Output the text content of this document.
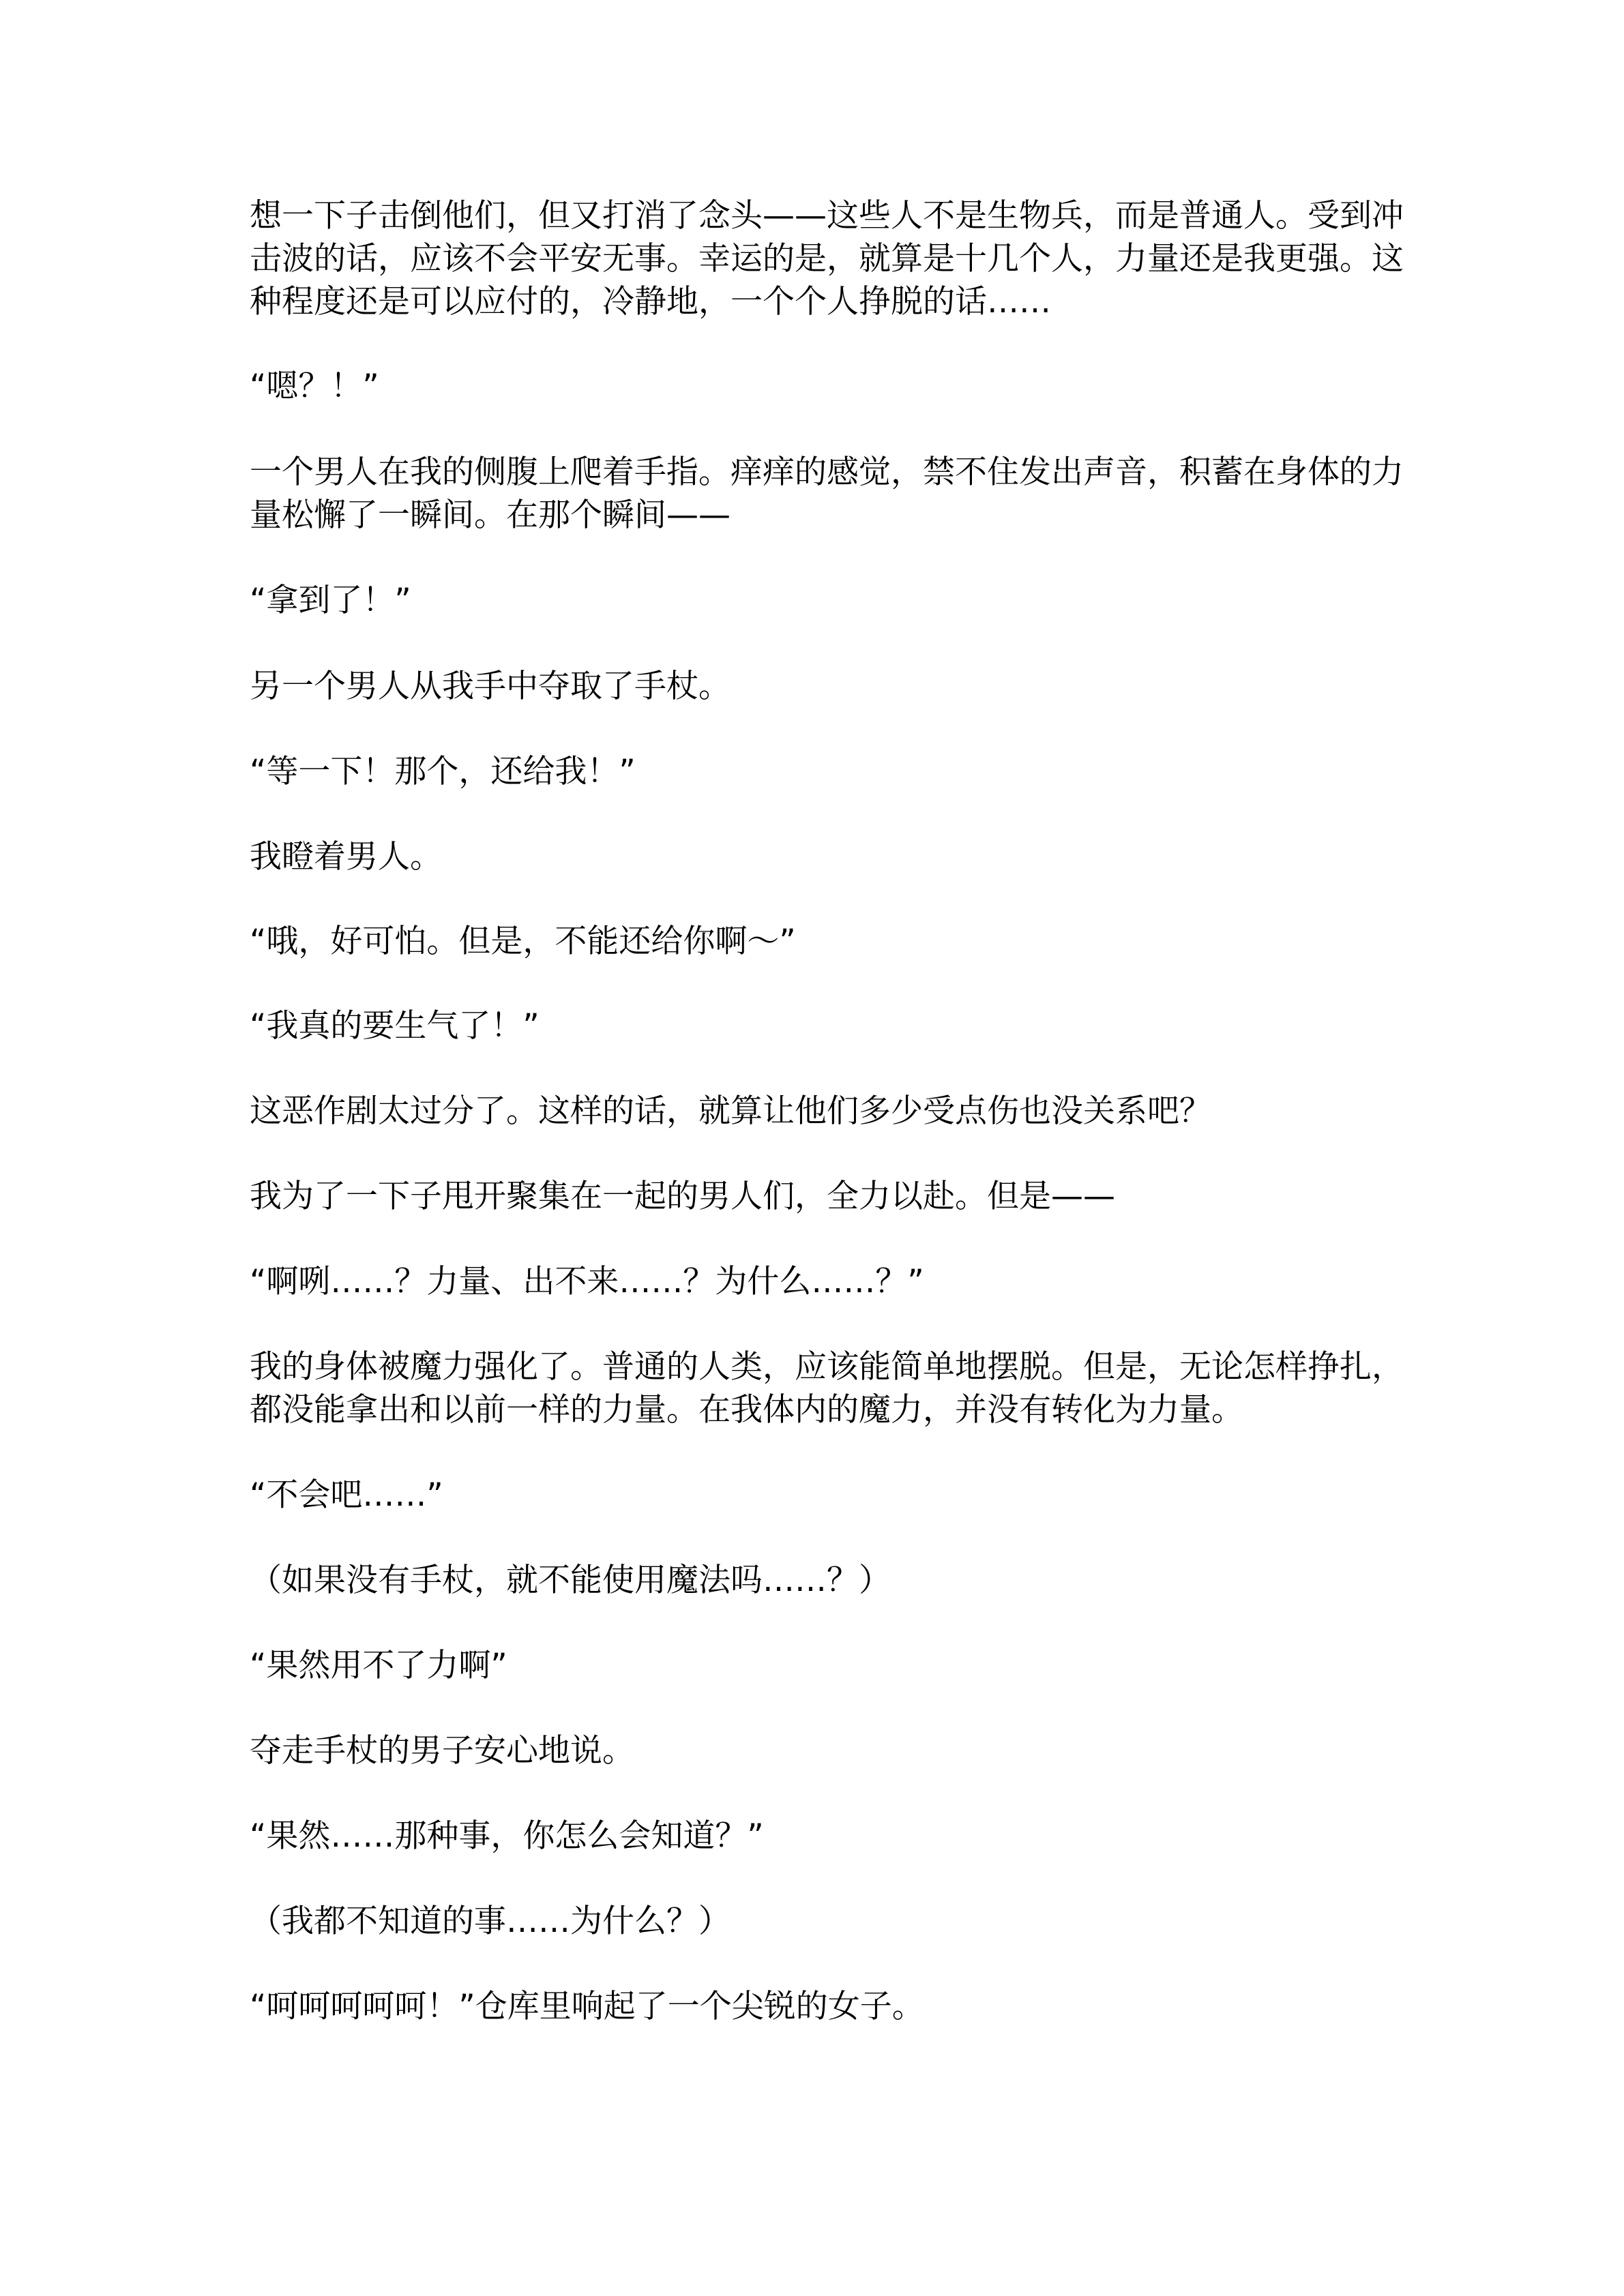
想一下子击倒他们，但又打消了念头——这些人不是生物兵，而是普通人。受到冲击波的话，应该不会平安无事。幸运的是，就算是十几个人，力量还是我更强。这种程度还是可以应付的，冷静地，一个个人挣脱的话……

“嗯？！”

一个男人在我的侧腹上爬着手指。痒痒的感觉，禁不住发出声音，积蓄在身体的力量松懈了一瞬间。在那个瞬间——

“拿到了！”

另一个男人从我手中夺取了手杖。

“等一下！那个，还给我！”

我瞪着男人。

“哦，好可怕。但是，不能还给你啊～”

“我真的要生气了！”

这恶作剧太过分了。这样的话，就算让他们多少受点伤也没关系吧？

我为了一下子甩开聚集在一起的男人们，全力以赴。但是——

“啊咧……？力量、出不来……？为什么……？”

我的身体被魔力强化了。普通的人类，应该能简单地摆脱。但是，无论怎样挣扎，都没能拿出和以前一样的力量。在我体内的魔力，并没有转化为力量。

“不会吧……”

（如果没有手杖，就不能使用魔法吗……？）

“果然用不了力啊”

夺走手杖的男子安心地说。

“果然……那种事，你怎么会知道？”

（我都不知道的事……为什么？）

“呵呵呵呵呵！”仓库里响起了一个尖锐的女子。
